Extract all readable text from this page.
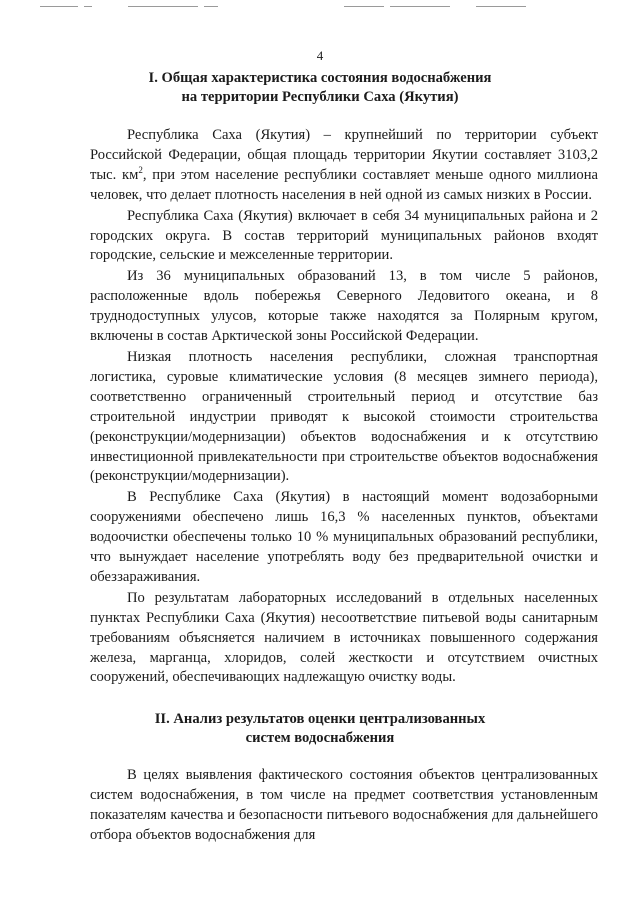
4
I. Общая характеристика состояния водоснабжения
на территории Республики Саха (Якутия)

Республика Саха (Якутия) – крупнейший по территории субъект Российской Федерации, общая площадь территории Якутии составляет 3103,2 тыс. $км^2$, при этом население республики составляет меньше одного миллиона человек, что делает плотность населения в ней одной из самых низких в России.

Республика Саха (Якутия) включает в себя 34 муниципальных района и 2 городских округа. В состав территорий муниципальных районов входят городские, сельские и межселенные территории.

Из 36 муниципальных образований 13, в том числе 5 районов, расположенные вдоль побережья Северного Ледовитого океана, и 8 труднодоступных улусов, которые также находятся за Полярным кругом, включены в состав Арктической зоны Российской Федерации.

Низкая плотность населения республики, сложная транспортная логистика, суровые климатические условия (8 месяцев зимнего периода), соответственно ограниченный строительный период и отсутствие баз строительной индустрии приводят к высокой стоимости строительства (реконструкции/модернизации) объектов водоснабжения и к отсутствию инвестиционной привлекательности при строительстве объектов водоснабжения (реконструкции/модернизации).

В Республике Саха (Якутия) в настоящий момент водозаборными сооружениями обеспечено лишь 16,3 % населенных пунктов, объектами водоочистки обеспечены только 10 % муниципальных образований республики, что вынуждает население употреблять воду без предварительной очистки и обеззараживания.

По результатам лабораторных исследований в отдельных населенных пунктах Республики Саха (Якутия) несоответствие питьевой воды санитарным требованиям объясняется наличием в источниках повышенного содержания железа, марганца, хлоридов, солей жесткости и отсутствием очистных сооружений, обеспечивающих надлежащую очистку воды.

II. Анализ результатов оценки централизованных
систем водоснабжения

В целях выявления фактического состояния объектов централизованных систем водоснабжения, в том числе на предмет соответствия установленным показателям качества и безопасности питьевого водоснабжения для дальнейшего отбора объектов водоснабжения для
